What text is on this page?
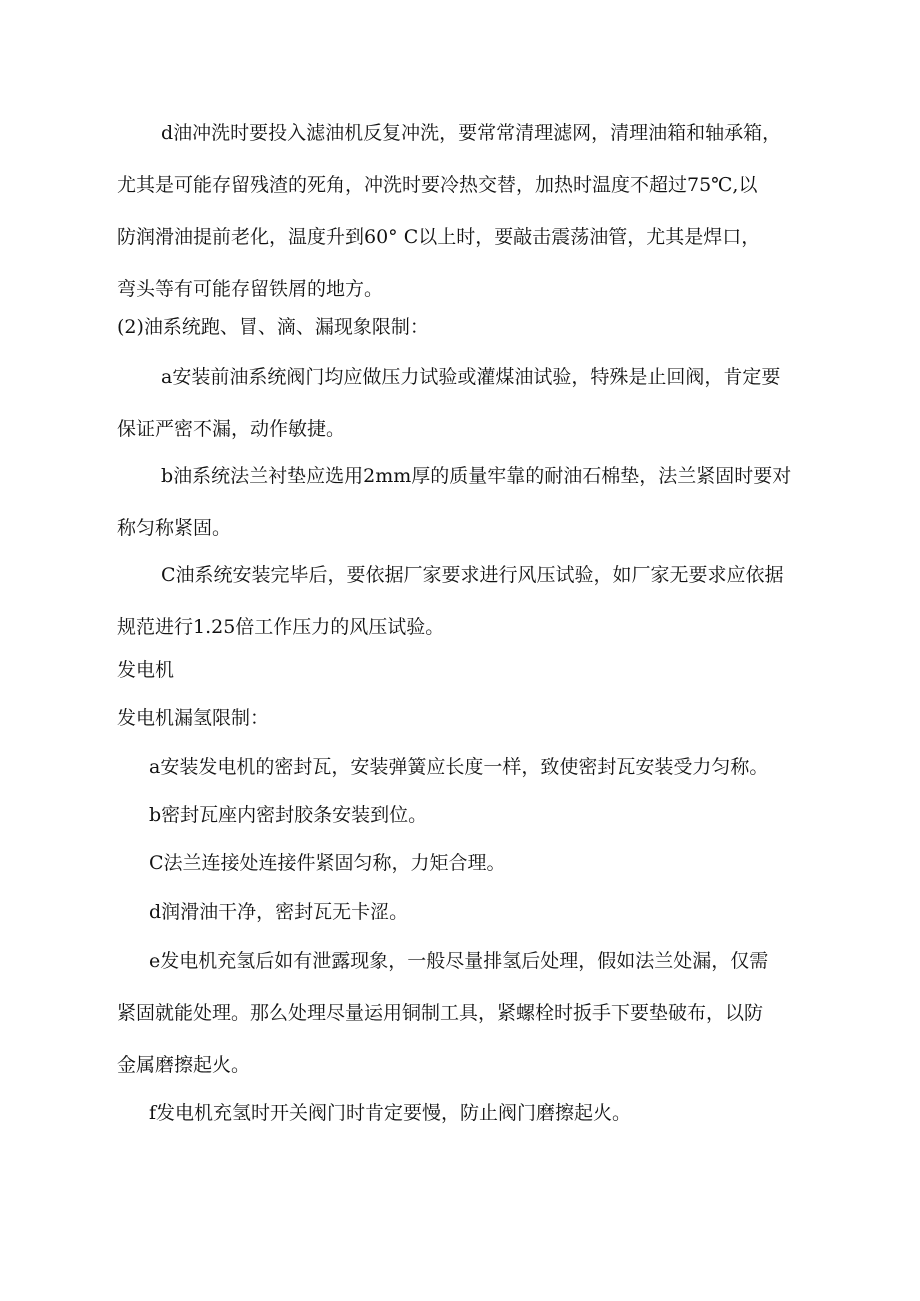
d油冲洗时要投入滤油机反复冲洗，要常常清理滤网，清理油箱和轴承箱，
尤其是可能存留残渣的死角，冲洗时要冷热交替，加热时温度不超过75℃,以
防润滑油提前老化，温度升到60° C以上时，要敲击震荡油管，尤其是焊口，
弯头等有可能存留铁屑的地方。

(2)油系统跑、冒、滴、漏现象限制：

a安装前油系统阀门均应做压力试验或灌煤油试验，特殊是止回阀，肯定要
保证严密不漏，动作敏捷。

b油系统法兰衬垫应选用2mm厚的质量牢靠的耐油石棉垫，法兰紧固时要对
称匀称紧固。

C油系统安装完毕后，要依据厂家要求进行风压试验，如厂家无要求应依据
规范进行1.25倍工作压力的风压试验。

发电机

发电机漏氢限制：

a安装发电机的密封瓦，安装弹簧应长度一样，致使密封瓦安装受力匀称。

b密封瓦座内密封胶条安装到位。

C法兰连接处连接件紧固匀称，力矩合理。

d润滑油干净，密封瓦无卡涩。

e发电机充氢后如有泄露现象，一般尽量排氢后处理，假如法兰处漏，仅需
紧固就能处理。那么处理尽量运用铜制工具，紧螺栓时扳手下要垫破布，以防
金属磨擦起火。

f发电机充氢时开关阀门时肯定要慢，防止阀门磨擦起火。
